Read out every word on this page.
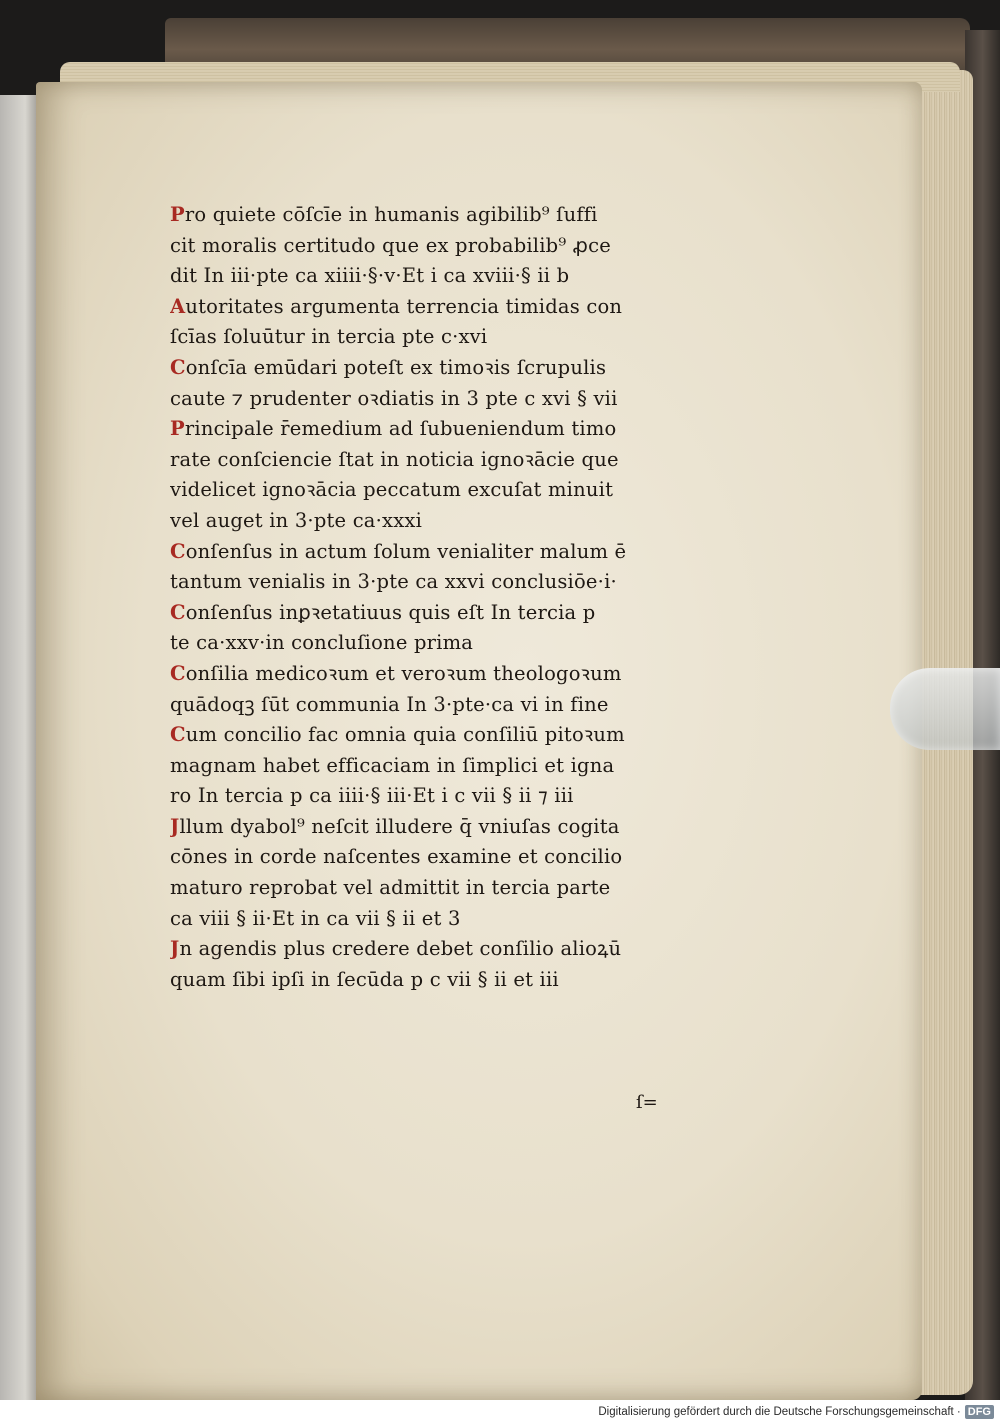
Pro quiete cōſcīe in humanis agibilib⁹ ſuffi
cit moralis certitudo que ex probabilib⁹ ꝓce
dit In iii·pte ca xiiii·§·v·Et i ca xviii·§ ii b
Autoritates argumenta terrencia timidas con
ſcīas ſoluūtur in tercia pte c·xvi
Conſcīa emūdari poteſt ex timoꝛis ſcrupulis
caute ⁊ prudenter oꝛdiatis in 3 pte c xvi § vii
Principale r̄emedium ad ſubueniendum timo
rate conſciencie ſtat in noticia ignoꝛācie que
videlicet ignoꝛācia peccatum excuſat minuit
vel auget in 3·pte ca·xxxi
Conſenſus in actum ſolum venialiter malum ē
tantum venialis in 3·pte ca xxvi conclusiōe·i·
Conſenſus inꝑꝛetatiuus quis eſt In tercia p
te ca·xxv·in concluſione prima
Conſilia medicoꝛum et veroꝛum theologoꝛum
quādoqꝫ ſūt communia In 3·pte·ca vi in fine
Cum concilio fac omnia quia conſiliū pitoꝛum
magnam habet efficaciam in ſimplici et igna
ro In tercia p ca iiii·§ iii·Et i c vii § ii ⁊ iii
Jllum dyabol⁹ neſcit illudere q̄ vniuſas cogita
cōnes in corde naſcentes examine et concilio
maturo reprobat vel admittit in tercia parte
ca viii § ii·Et in ca vii § ii et 3
Jn agendis plus credere debet conſilio alioꝝū
quam ſibi ipſi in ſecūda p c vii § ii et iii
ſ=
Digitalisierung gefördert durch die Deutsche Forschungsgemeinschaft · DFG
